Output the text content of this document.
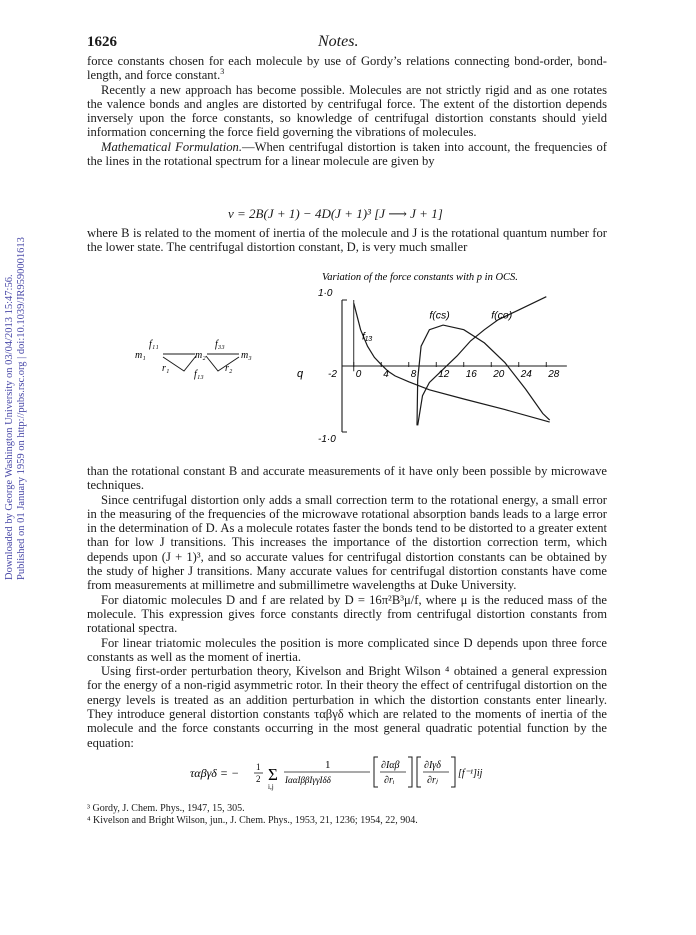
Downloaded by George Washington University on 03/04/2013 15:47:56. Published on 01 January 1959 on http://pubs.rsc.org | doi:10.1039/JR9590001613
1626	Notes.

force constants chosen for each molecule by use of Gordy’s relations connecting bond-order, bond-length, and force constant.$^3$

Recently a new approach has become possible. Molecules are not strictly rigid and as one rotates the valence bonds and angles are distorted by centrifugal force. The extent of the distortion depends inversely upon the force constants, so knowledge of centrifugal distortion constants should yield information concerning the force field governing the vibrations of molecules.

Mathematical Formulation.—When centrifugal distortion is taken into account, the frequencies of the lines in the rotational spectrum for a linear molecule are given by

ν = 2B(J + 1) − 4D(J + 1)³ [J ⟶ J + 1]

where B is related to the moment of inertia of the molecule and J is the rotational quantum number for the lower state. The centrifugal distortion constant, D, is very much smaller

Variation of the force constants with p in OCS.
m₁	m₂	m₃
f₁₁	f₃₃
f₁₃
r₁	r₂
-2 0 4 8 12 16 20 24 28
1·0
-1·0
q
f(cs)	f(co)
f₁₃

than the rotational constant B and accurate measurements of it have only been possible by microwave techniques.

Since centrifugal distortion only adds a small correction term to the rotational energy, a small error in the measuring of the frequencies of the microwave rotational absorption bands leads to a large error in the determination of D. As a molecule rotates faster the bonds tend to be distorted to a greater extent than for low J transitions. This increases the importance of the distortion correction term, which depends upon (J + 1)³, and so accurate values for centrifugal distortion constants can be obtained by the study of higher J transitions. Many accurate values for centrifugal distortion constants have come from measurements at millimetre and submillimetre wavelengths at Duke University.

For diatomic molecules D and f are related by D = 16π²B³μ/f, where μ is the reduced mass of the molecule. This expression gives force constants directly from centrifugal distortion constants from rotational spectra.

For linear triatomic molecules the position is more complicated since D depends upon three force constants as well as the moment of inertia.

Using first-order perturbation theory, Kivelson and Bright Wilson ⁴ obtained a general expression for the energy of a non-rigid asymmetric rotor. In their theory the effect of centrifugal distortion on the energy levels is treated as an addition perturbation in which the distortion constants enter linearly. They introduce general distortion constants ταβγδ which are related to the moments of inertia of the molecule and the force constants occurring in the most general quadratic potential function by the equation:

ταβγδ = − 1
2 Σ
i,j
1
IααIββIγγIδδ
∂Iαβ
∂rᵢ
∂Iγδ
∂rⱼ
[f⁻¹]ij
³ Gordy, J. Chem. Phys., 1947, 15, 305.
⁴ Kivelson and Bright Wilson, jun., J. Chem. Phys., 1953, 21, 1236; 1954, 22, 904.
